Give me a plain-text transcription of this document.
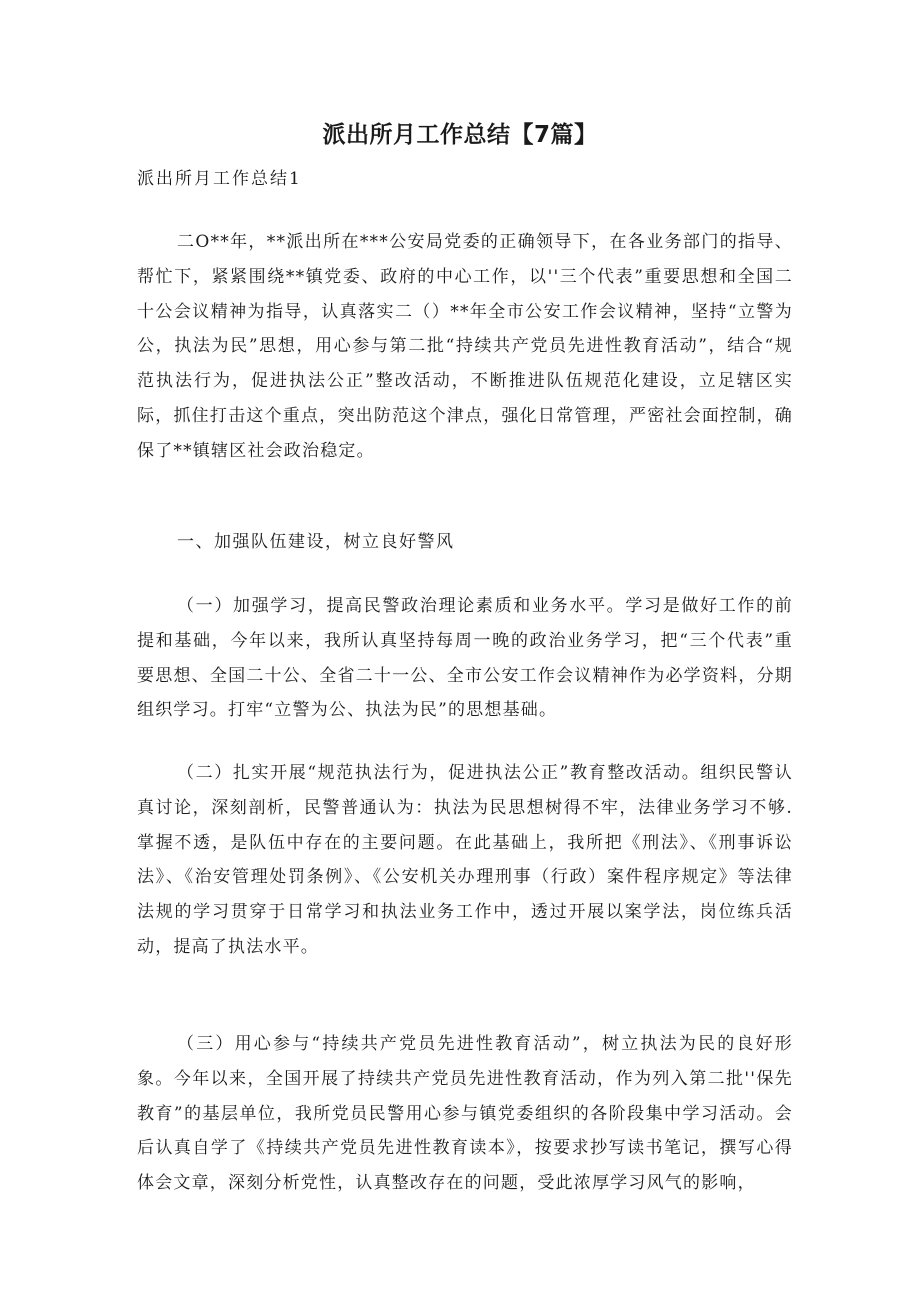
派出所月工作总结【7篇】

派出所月工作总结1

二O**年，**派出所在***公安局党委的正确领导下，在各业务部门的指导、帮忙下，紧紧围绕**镇党委、政府的中心工作，以''三个代表”重要思想和全国二十公会议精神为指导，认真落实二（）**年全市公安工作会议精神，坚持“立警为公，执法为民”思想，用心参与第二批“持续共产党员先进性教育活动”，结合“规范执法行为，促进执法公正”整改活动，不断推进队伍规范化建设，立足辖区实际，抓住打击这个重点，突出防范这个津点，强化日常管理，严密社会面控制，确保了**镇辖区社会政治稳定。

一、加强队伍建设，树立良好警风

（一）加强学习，提高民警政治理论素质和业务水平。学习是做好工作的前提和基础，今年以来，我所认真坚持每周一晚的政治业务学习，把“三个代表”重要思想、全国二十公、全省二十一公、全市公安工作会议精神作为必学资料，分期组织学习。打牢“立警为公、执法为民”的思想基础。

（二）扎实开展“规范执法行为，促进执法公正”教育整改活动。组织民警认真讨论，深刻剖析，民警普通认为：执法为民思想树得不牢，法律业务学习不够.掌握不透，是队伍中存在的主要问题。在此基础上，我所把《刑法》、《刑事诉讼法》、《治安管理处罚条例》、《公安机关办理刑事（行政）案件程序规定》等法律法规的学习贯穿于日常学习和执法业务工作中，透过开展以案学法，岗位练兵活动，提高了执法水平。

（三）用心参与“持续共产党员先进性教育活动”，树立执法为民的良好形象。今年以来，全国开展了持续共产党员先进性教育活动，作为列入第二批''保先教育”的基层单位，我所党员民警用心参与镇党委组织的各阶段集中学习活动。会后认真自学了《持续共产党员先进性教育读本》，按要求抄写读书笔记，撰写心得体会文章，深刻分析党性，认真整改存在的问题，受此浓厚学习风气的影响，
